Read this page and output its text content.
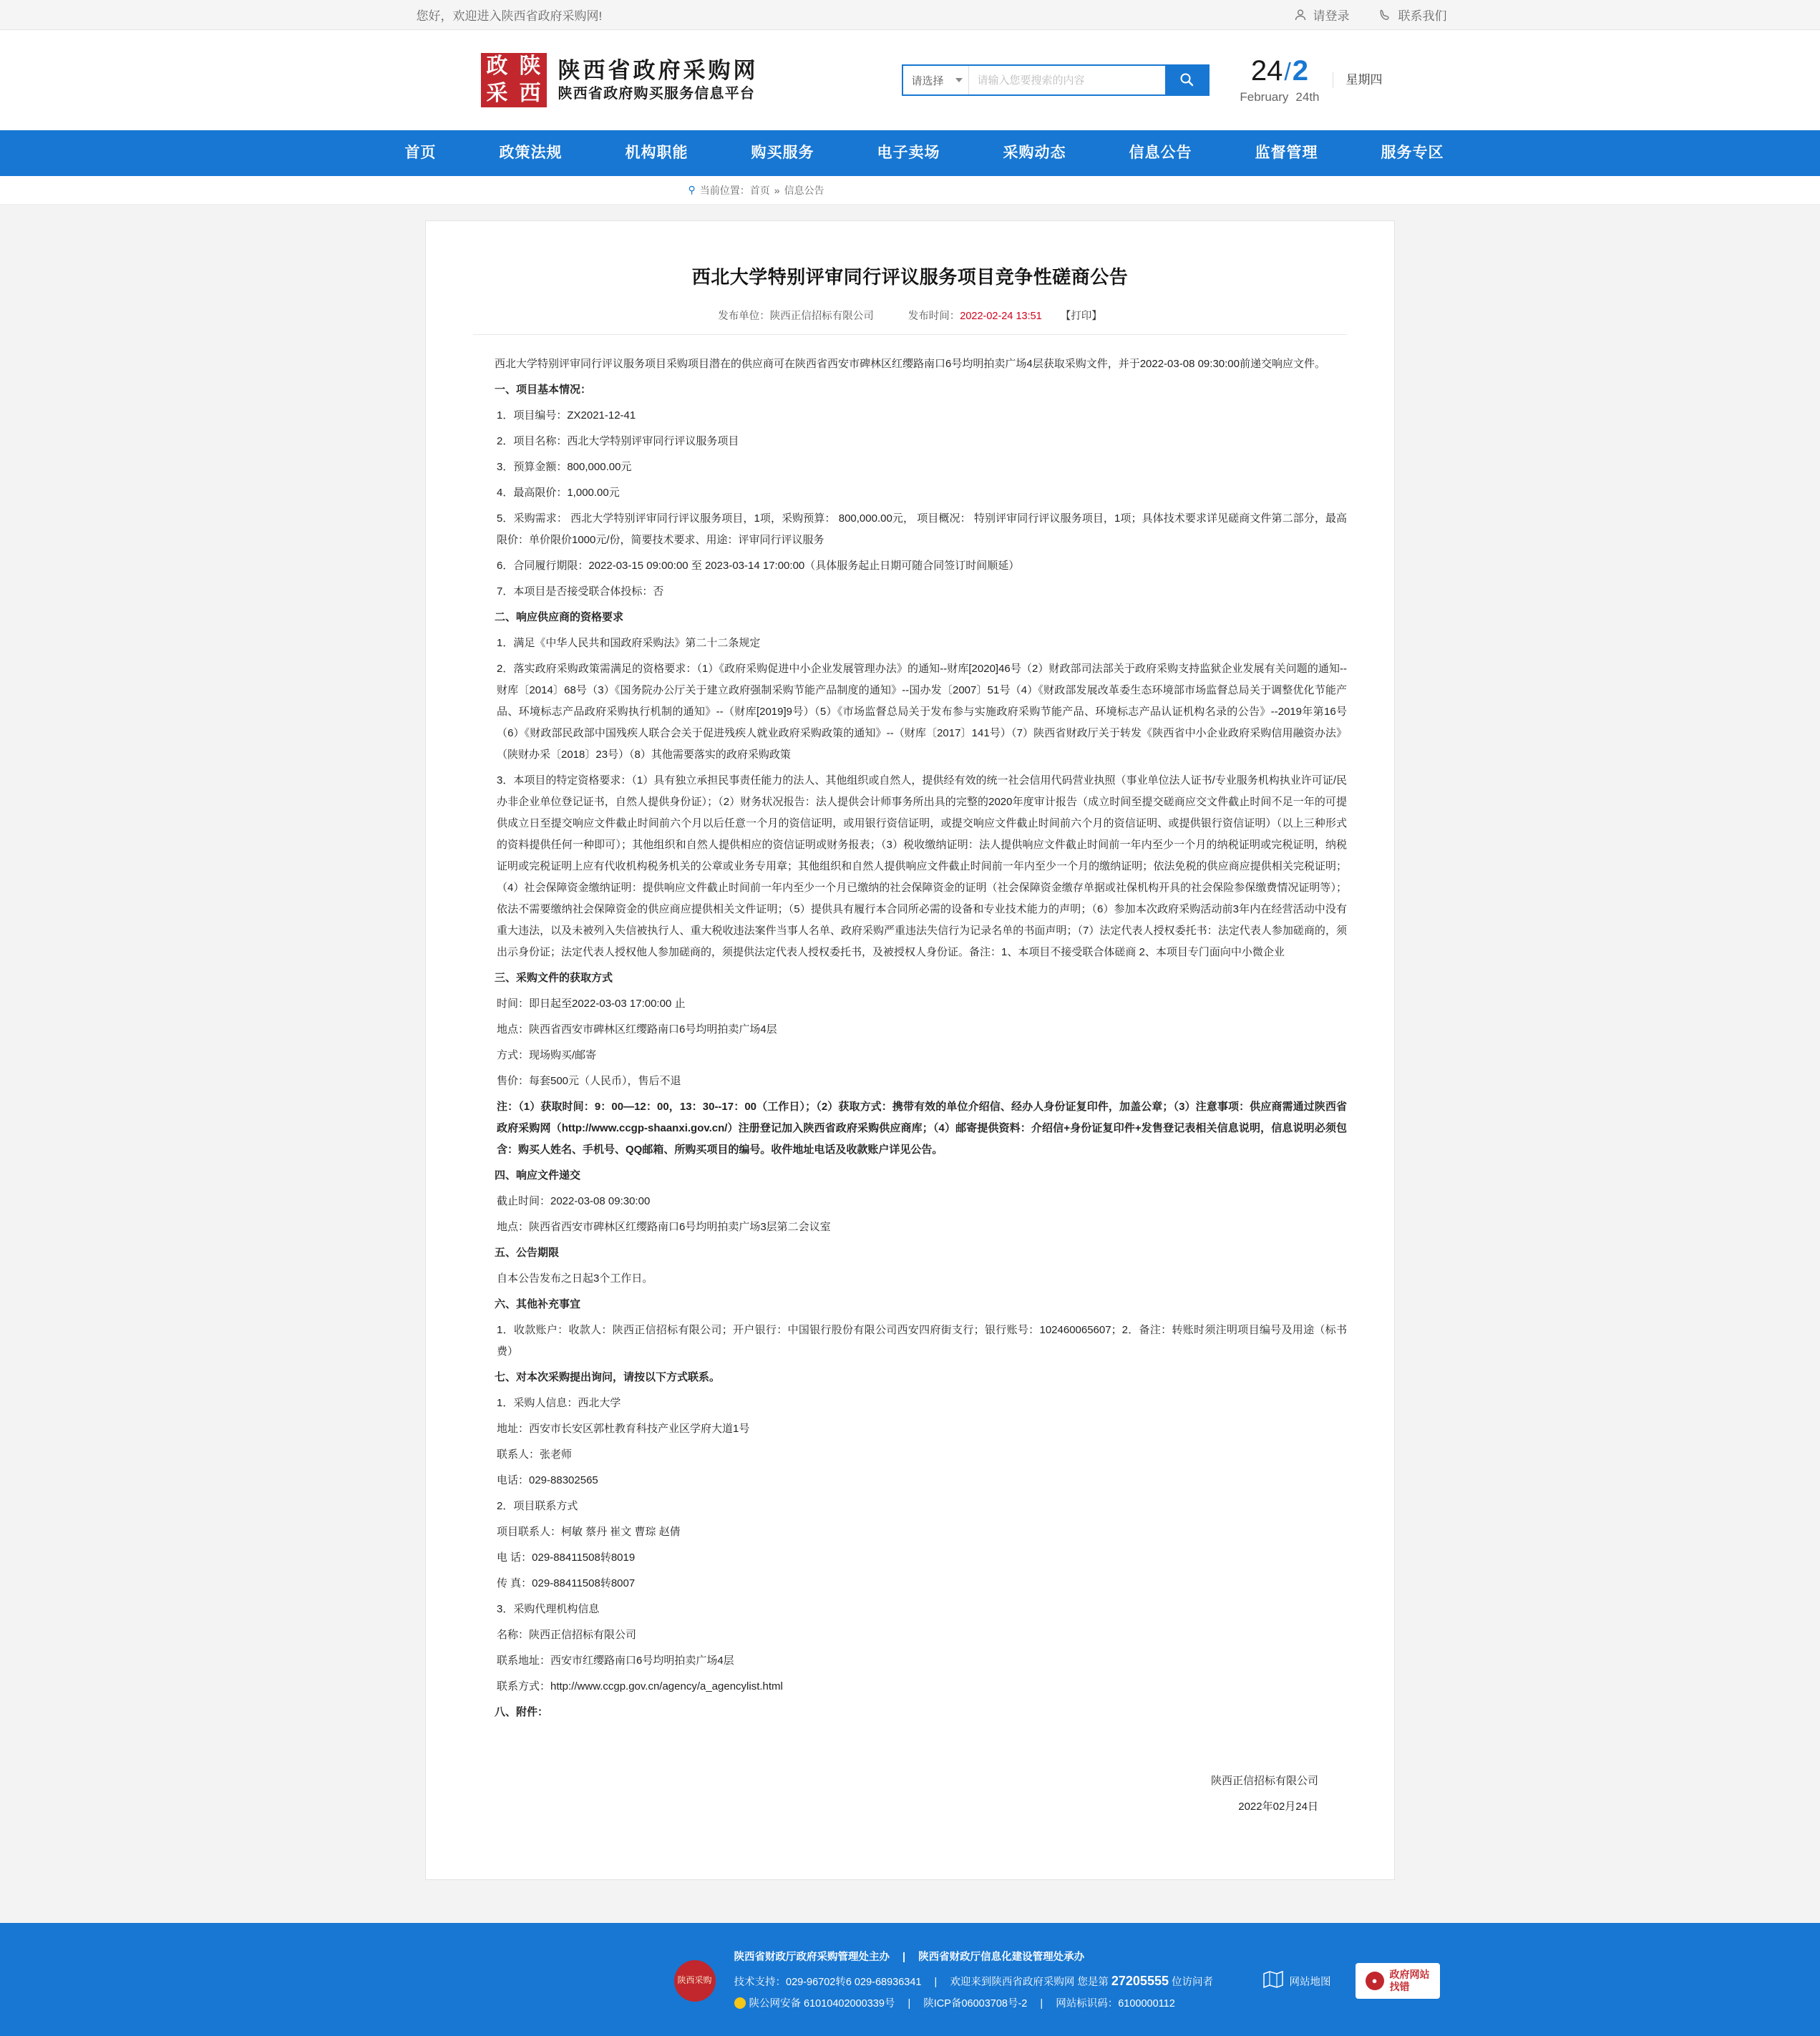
您好，欢迎进入陕西省政府采购网!	请登录	联系我们
政 陕
采 西
陕西省政府采购网
陕西省政府购买服务信息平台
请选择
请输入您要搜索的内容	24/2
February 24th
星期四
首页	政策法规	机构职能	购买服务	电子卖场	采购动态	信息公告	监督管理	服务专区
⚲ 当前位置： 首页 » 信息公告
西北大学特别评审同行评议服务项目竞争性磋商公告
发布单位：陕西正信招标有限公司	发布时间：2022-02-24 13:51 【打印】

西北大学特别评审同行评议服务项目采购项目潜在的供应商可在陕西省西安市碑林区红缨路南口6号均明拍卖广场4层获取采购文件，并于2022-03-08 09:30:00前递交响应文件。

一、项目基本情况：

1．项目编号：ZX2021-12-41

2．项目名称：西北大学特别评审同行评议服务项目

3．预算金额：800,000.00元

4．最高限价：1,000.00元

5．采购需求： 西北大学特别评审同行评议服务项目，1项，采购预算： 800,000.00元， 项目概况： 特别评审同行评议服务项目，1项；具体技术要求详见磋商文件第二部分，最高限价：单价限价1000元/份，简要技术要求、用途：评审同行评议服务

6．合同履行期限：2022-03-15 09:00:00 至 2023-03-14 17:00:00（具体服务起止日期可随合同签订时间顺延）

7．本项目是否接受联合体投标：否

二、响应供应商的资格要求

1．满足《中华人民共和国政府采购法》第二十二条规定

2．落实政府采购政策需满足的资格要求：（1）《政府采购促进中小企业发展管理办法》的通知--财库[2020]46号（2）财政部司法部关于政府采购支持监狱企业发展有关问题的通知--财库〔2014〕68号（3）《国务院办公厅关于建立政府强制采购节能产品制度的通知》--国办发〔2007〕51号（4）《财政部发展改革委生态环境部市场监督总局关于调整优化节能产品、环境标志产品政府采购执行机制的通知》--（财库[2019]9号）（5）《市场监督总局关于发布参与实施政府采购节能产品、环境标志产品认证机构名录的公告》--2019年第16号（6）《财政部民政部中国残疾人联合会关于促进残疾人就业政府采购政策的通知》--（财库〔2017〕141号）（7）陕西省财政厅关于转发《陕西省中小企业政府采购信用融资办法》（陕财办采〔2018〕23号）（8）其他需要落实的政府采购政策

3．本项目的特定资格要求：（1）具有独立承担民事责任能力的法人、其他组织或自然人，提供经有效的统一社会信用代码营业执照（事业单位法人证书/专业服务机构执业许可证/民办非企业单位登记证书，自然人提供身份证）；（2）财务状况报告：法人提供会计师事务所出具的完整的2020年度审计报告（成立时间至提交磋商应交文件截止时间不足一年的可提供成立日至提交响应文件截止时间前六个月以后任意一个月的资信证明，或用银行资信证明，或提交响应文件截止时间前六个月的资信证明、或提供银行资信证明）（以上三种形式的资料提供任何一种即可）；其他组织和自然人提供相应的资信证明或财务报表；（3）税收缴纳证明：法人提供响应文件截止时间前一年内至少一个月的纳税证明或完税证明，纳税证明或完税证明上应有代收机构税务机关的公章或业务专用章；其他组织和自然人提供响应文件截止时间前一年内至少一个月的缴纳证明；依法免税的供应商应提供相关完税证明；（4）社会保障资金缴纳证明：提供响应文件截止时间前一年内至少一个月已缴纳的社会保障资金的证明（社会保障资金缴存单据或社保机构开具的社会保险参保缴费情况证明等）；依法不需要缴纳社会保障资金的供应商应提供相关文件证明；（5）提供具有履行本合同所必需的设备和专业技术能力的声明；（6）参加本次政府采购活动前3年内在经营活动中没有重大违法，以及未被列入失信被执行人、重大税收违法案件当事人名单、政府采购严重违法失信行为记录名单的书面声明；（7）法定代表人授权委托书：法定代表人参加磋商的，须出示身份证；法定代表人授权他人参加磋商的，须提供法定代表人授权委托书，及被授权人身份证。备注：1、本项目不接受联合体磋商 2、本项目专门面向中小微企业

三、采购文件的获取方式

时间：即日起至2022-03-03 17:00:00 止

地点：陕西省西安市碑林区红缨路南口6号均明拍卖广场4层

方式：现场购买/邮寄

售价：每套500元（人民币），售后不退

注：（1）获取时间：9：00—12：00，13：30--17：00（工作日）；（2）获取方式：携带有效的单位介绍信、经办人身份证复印件，加盖公章；（3）注意事项：供应商需通过陕西省政府采购网（http://www.ccgp-shaanxi.gov.cn/）注册登记加入陕西省政府采购供应商库；（4）邮寄提供资料：介绍信+身份证复印件+发售登记表相关信息说明，信息说明必须包含：购买人姓名、手机号、QQ邮箱、所购买项目的编号。收件地址电话及收款账户详见公告。

四、响应文件递交

截止时间：2022-03-08 09:30:00

地点：陕西省西安市碑林区红缨路南口6号均明拍卖广场3层第二会议室

五、公告期限

自本公告发布之日起3个工作日。

六、其他补充事宜

1．收款账户：收款人：陕西正信招标有限公司；开户银行：中国银行股份有限公司西安四府街支行；银行账号：102460065607；2．备注：转账时须注明项目编号及用途（标书费）

七、对本次采购提出询问，请按以下方式联系。

1．采购人信息：西北大学

地址：西安市长安区郭杜教育科技产业区学府大道1号

联系人：张老师

电话：029-88302565

2．项目联系方式

项目联系人：柯敏 蔡丹 崔文 曹琮 赵倩

电 话：029-88411508转8019

传 真：029-88411508转8007

3．采购代理机构信息

名称：陕西正信招标有限公司

联系地址：西安市红缨路南口6号均明拍卖广场4层

联系方式：http://www.ccgp.gov.cn/agency/a_agencylist.html

八、附件：

陕西正信招标有限公司

2022年02月24日

陕西采购
陕西省财政厅政府采购管理处主办 | 陕西省财政厅信息化建设管理处承办
技术支持：029-96702转6 029-68936341 | 欢迎来到陕西省政府采购网 您是第 27205555 位访问者
陕公网安备 61010402000339号 | 陕ICP备06003708号-2 | 网站标识码：6100000112
网站地图	●
政府网站
找错
